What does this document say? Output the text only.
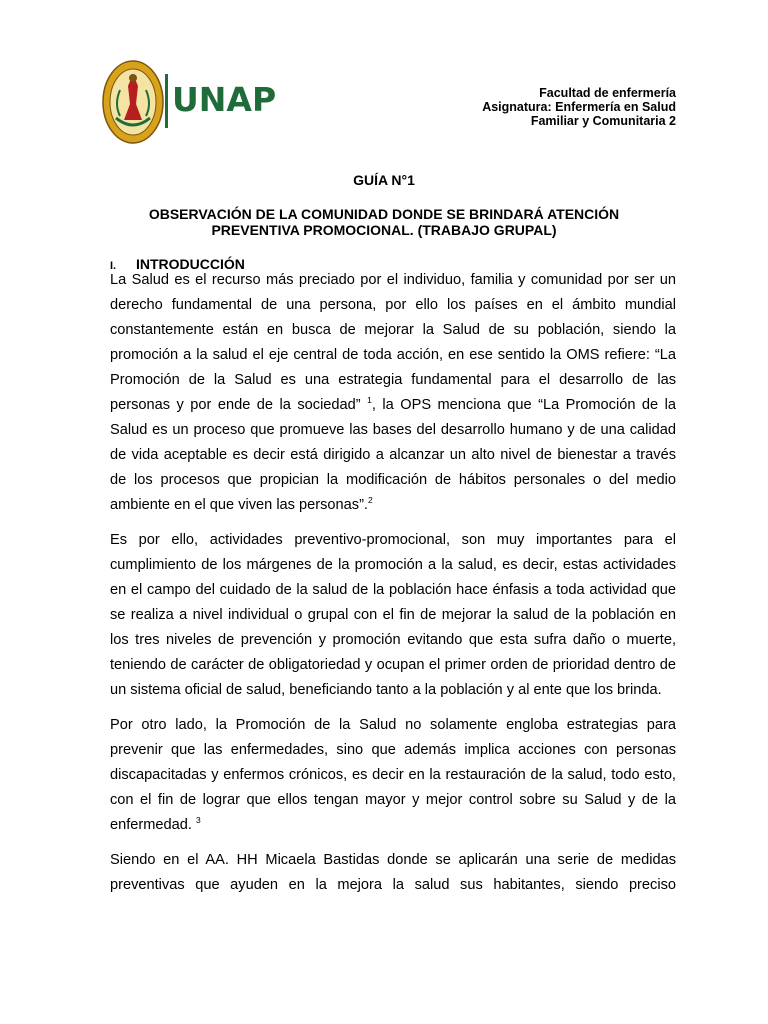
UNAP	Facultad de enfermería
Asignatura: Enfermería en Salud
Familiar y Comunitaria 2
GUÍA N°1
OBSERVACIÓN DE LA COMUNIDAD DONDE SE BRINDARÁ ATENCIÓN
PREVENTIVA PROMOCIONAL. (TRABAJO GRUPAL)
I. INTRODUCCIÓN

La Salud es el recurso más preciado por el individuo, familia y comunidad por ser un derecho fundamental de una persona, por ello los países en el ámbito mundial constantemente están en busca de mejorar la Salud de su población, siendo la promoción a la salud el eje central de toda acción, en ese sentido la OMS refiere: “La Promoción de la Salud es una estrategia fundamental para el desarrollo de las personas y por ende de la sociedad” $^1$, la OPS menciona que “La Promoción de la Salud es un proceso que promueve las bases del desarrollo humano y de una calidad de vida aceptable es decir está dirigido a alcanzar un alto nivel de bienestar a través de los procesos que propician la modificación de hábitos personales o del medio ambiente en el que viven las personas”.$^2$

Es por ello, actividades preventivo-promocional, son muy importantes para el cumplimiento de los márgenes de la promoción a la salud, es decir, estas actividades en el campo del cuidado de la salud de la población hace énfasis a toda actividad que se realiza a nivel individual o grupal con el fin de mejorar la salud de la población en los tres niveles de prevención y promoción evitando que esta sufra daño o muerte, teniendo de carácter de obligatoriedad y ocupan el primer orden de prioridad dentro de un sistema oficial de salud, beneficiando tanto a la población y al ente que los brinda.

Por otro lado, la Promoción de la Salud no solamente engloba estrategias para prevenir que las enfermedades, sino que además implica acciones con personas discapacitadas y enfermos crónicos, es decir en la restauración de la salud, todo esto, con el fin de lograr que ellos tengan mayor y mejor control sobre su Salud y de la enfermedad. $^3$

Siendo en el AA. HH Micaela Bastidas donde se aplicarán una serie de medidas preventivas que ayuden en la mejora la salud sus habitantes, siendo preciso
